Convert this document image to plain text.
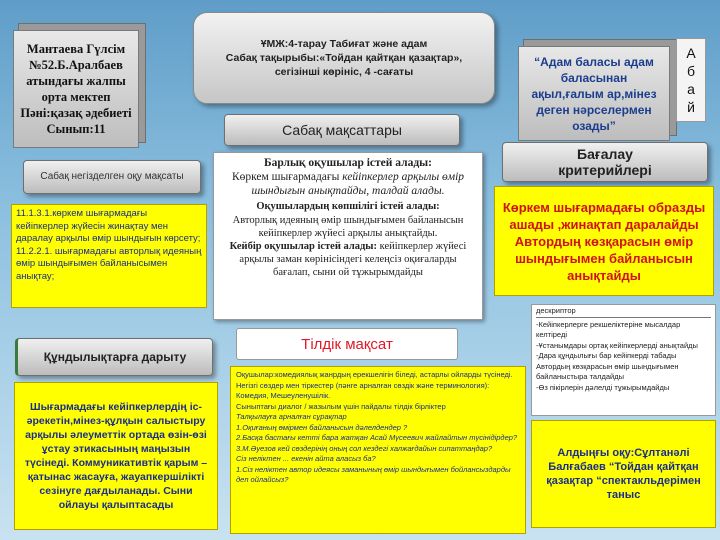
Мантаева Гүлсім

№52.Б.Аралбаев

атындағы жалпы

орта мектеп

Пәні:қазақ әдебиеті

Сынып:11

ҰМЖ:4-тарау Табиғат және адам

Сабақ тақырыбы:«Тойдан қайтқан қазақтар»,

сегізінші көрініс, 4 -сағаты

“Адам баласы адам баласынан ақыл,ғалым ар,мінез деген нәрселермен озады”

А

б

а

й

Сабақ мақсаттары
Сабақ негізделген оқу мақсаты
11.1.3.1.көркем шығармадағы кейіпкерлер жүйесін жинақтау мен даралау арқылы өмір шындығын көрсету;
11.2.2.1. шығармадағы авторлық идеяның өмір шындығымен байланысымен анықтау;

Барлық оқушылар істей алады:

Көркем шығармадағы кейіпкерлер арқылы өмір шындығын анықтайды, талдай алады.

Оқушылардың көпшілігі істей алады:

Авторлық идеяның өмір шындығымен байланысын кейіпкерлер жүйесі арқылы анықтайды.

Кейбір оқушылар істей алады: кейіпкерлер жүйесі арқылы заман көрінісіндегі келеңсіз оқиғаларды бағалап, сыни ой тұжырымдайды

Бағалау критерийлері
Көркем шығармадағы образды ашады ,жинақтап даралайды Автордың көзқарасын өмір шындығымен байланысын анықтайды
Құндылықтарға дарыту
Шығармадағы кейіпкерлердің іс-әрекетін,мінез-құлқын салыстыру арқылы әлеуметтік ортада өзін-өзі ұстау этикасының маңызын түсінеді. Коммуникативтік қарым –қатынас жасауға, жауапкершілікті сезінуге дағдыланады. Сыни ойлауы қалыптасады
Тілдік мақсат

Оқушылар:комедиялық жанрдың ерекшелігін біледі, астарлы ойларды түсінеді.

Негізгі сөздер мен тіркестер (пәнге арналған сөздік және терминология):

Комедия, Мешеуленушілік.

Сыныптағы диалог / жазылым үшін пайдалы тілдік бірліктер

Талқылауға арналған сұрақтар

1.Оқиғаның өмірмен байланысын дәлелдендер ?

2.Басқа бастағы кетті бара жатқан Асай Мүсеевич жайлайтын түсінідірдер?

3.М.Әуезов кей сөздерінің оның сол кездегі халжағдайын сипаттаңдар?

Сіз неліктен ... екенін айта аласыз ба?

1.Сіз неліктен автор идеясы заманының өмір шындығымен бойлансыздарды деп ойлайсыз?

дескриптор

-Кейіпкерлерге рекшеліктеріне мысалдар келтіреді

-Ұстанымдары ортақ кейіпкерлерді анықтайды

-Дара құндылығы бар кейіпкерді табады

Автордың көзқарасын өмір шындығымен байланыстыра талдайды

-Өз пікірлерін дәлелді тұжырымдайды

Алдыңғы оқу:Сұлтанәлі Балғабаев “Тойдан қайтқан қазақтар “спектакльдерімен таныс
